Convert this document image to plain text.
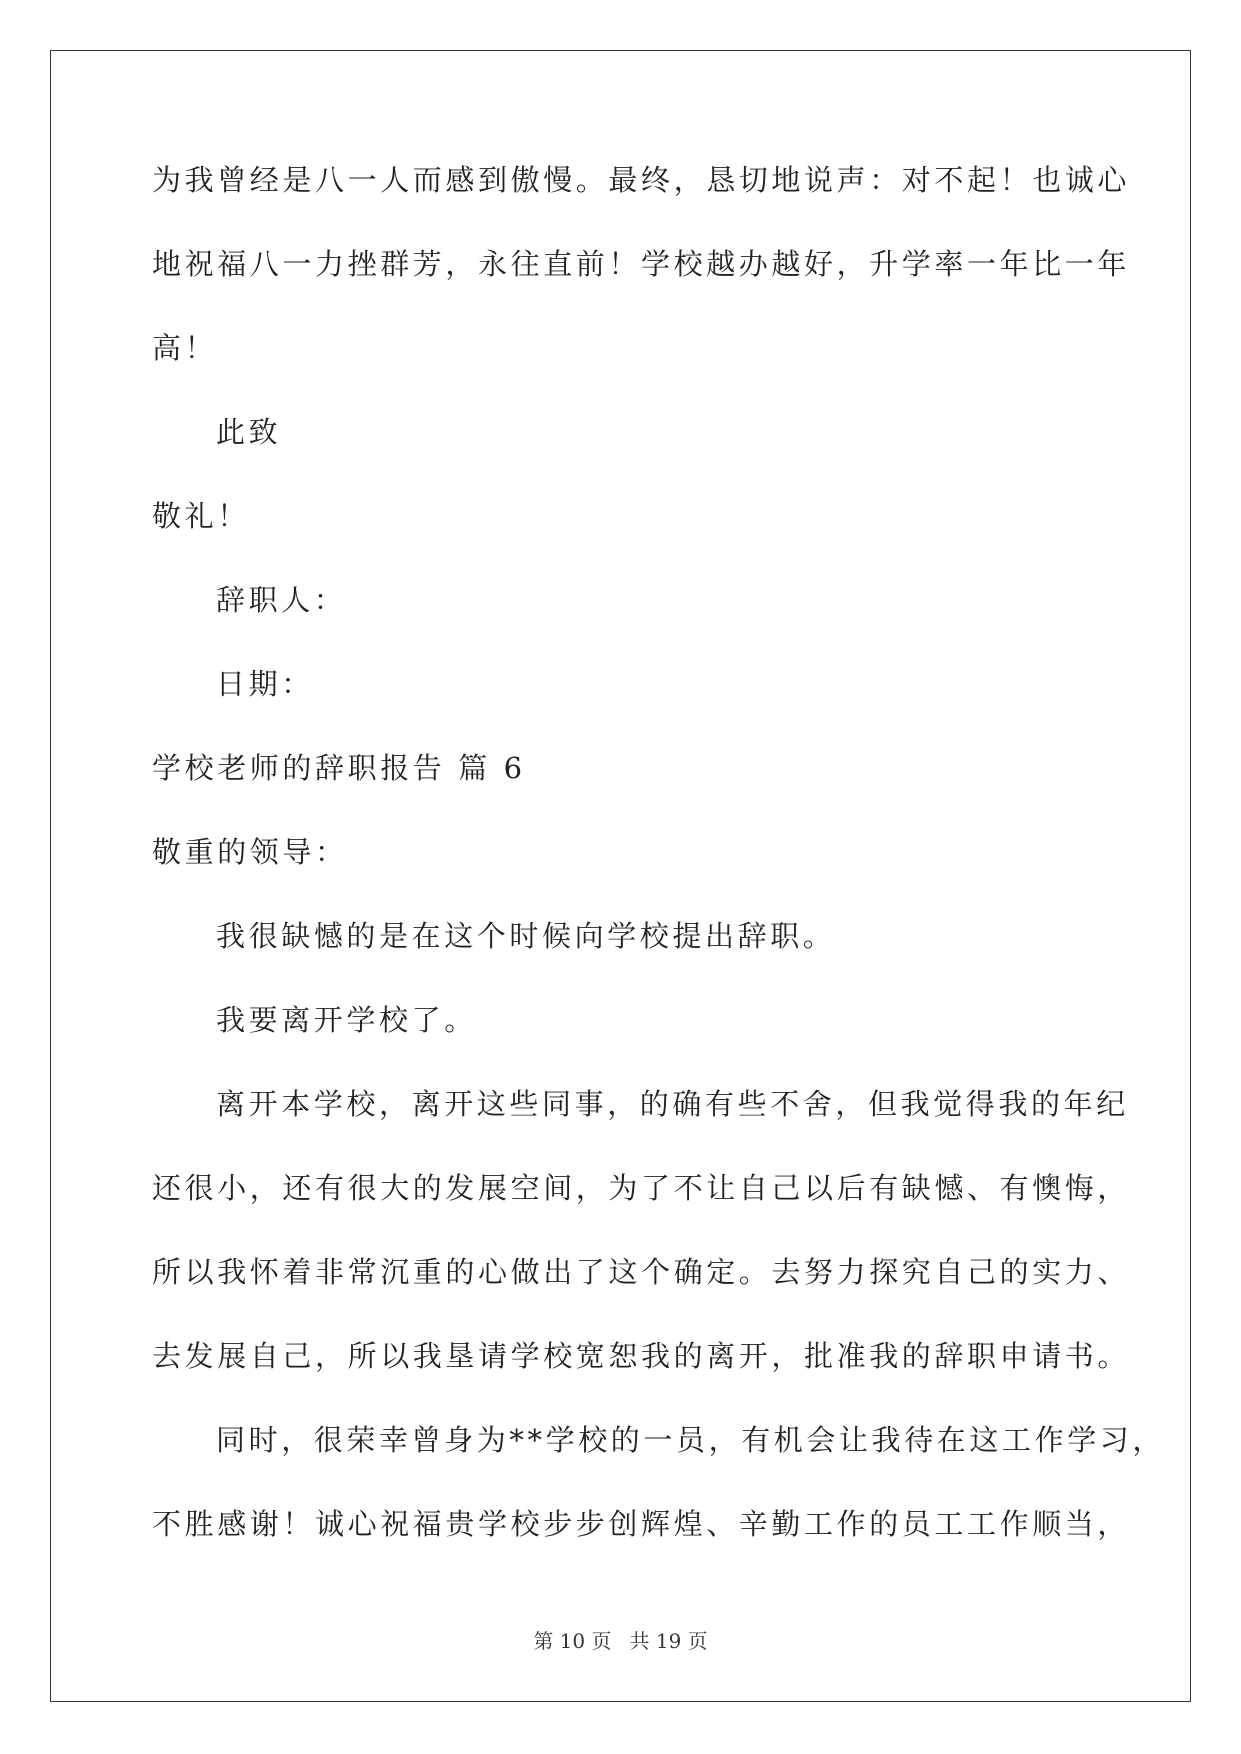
为我曾经是八一人而感到傲慢。最终，恳切地说声：对不起！也诚心
地祝福八一力挫群芳，永往直前！学校越办越好，升学率一年比一年
高！
此致
敬礼！
辞职人：
日期：
学校老师的辞职报告 篇 6
敬重的领导：
我很缺憾的是在这个时候向学校提出辞职。
我要离开学校了。
离开本学校，离开这些同事，的确有些不舍，但我觉得我的年纪
还很小，还有很大的发展空间，为了不让自己以后有缺憾、有懊悔，
所以我怀着非常沉重的心做出了这个确定。去努力探究自己的实力、
去发展自己，所以我垦请学校宽恕我的离开，批准我的辞职申请书。
同时，很荣幸曾身为**学校的一员，有机会让我待在这工作学习，
不胜感谢！诚心祝福贵学校步步创辉煌、辛勤工作的员工工作顺当，
第 10 页 共 19 页
